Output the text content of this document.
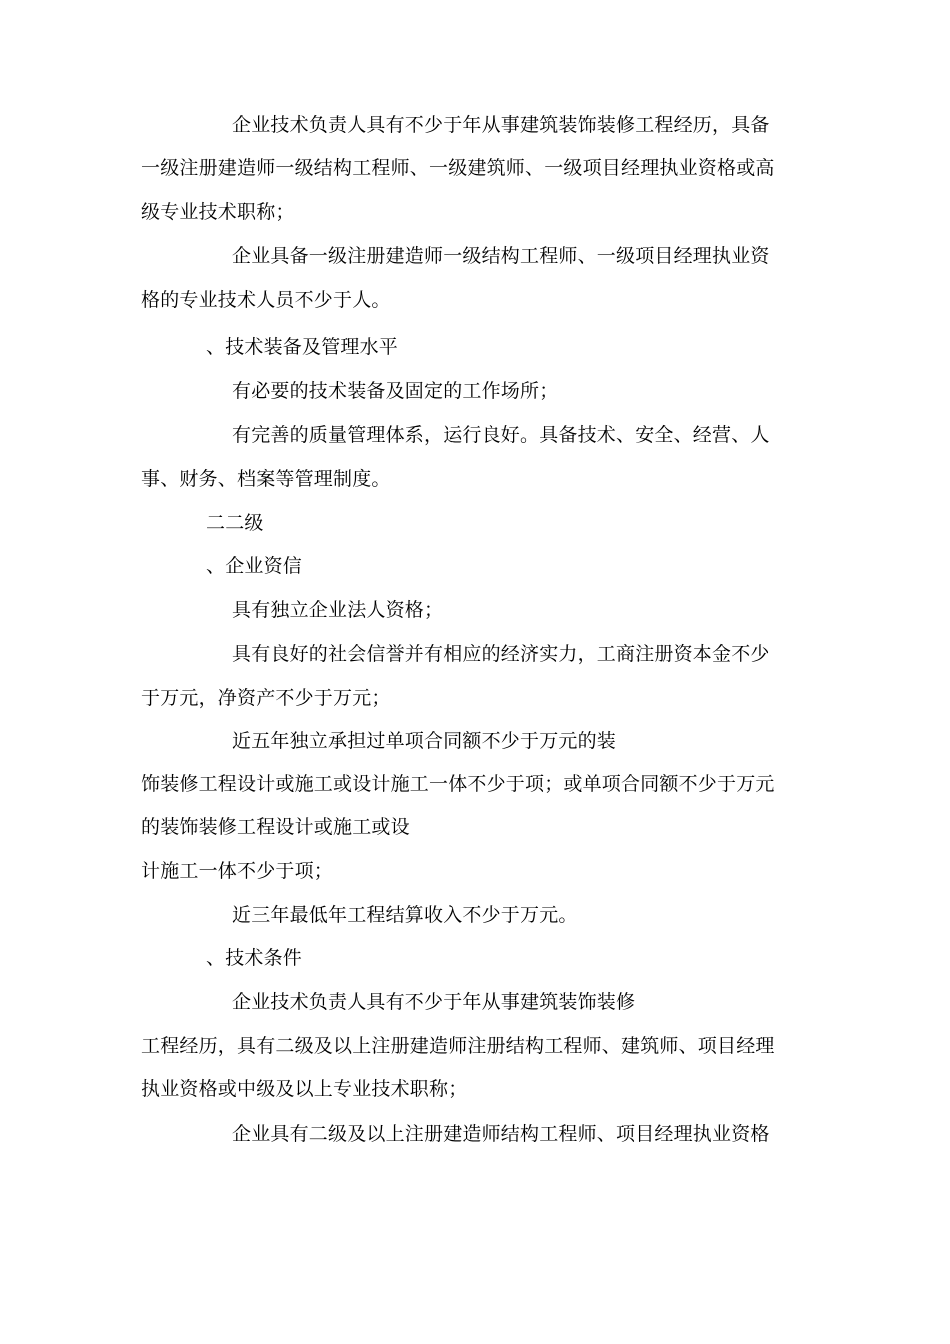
企业技术负责人具有不少于年从事建筑装饰装修工程经历，具备
一级注册建造师一级结构工程师、一级建筑师、一级项目经理执业资格或高
级专业技术职称；
企业具备一级注册建造师一级结构工程师、一级项目经理执业资
格的专业技术人员不少于人。
、技术装备及管理水平
有必要的技术装备及固定的工作场所；
有完善的质量管理体系，运行良好。具备技术、安全、经营、人
事、财务、档案等管理制度。
二二级
、企业资信
具有独立企业法人资格；
具有良好的社会信誉并有相应的经济实力，工商注册资本金不少
于万元，净资产不少于万元；
近五年独立承担过单项合同额不少于万元的装
饰装修工程设计或施工或设计施工一体不少于项；或单项合同额不少于万元
的装饰装修工程设计或施工或设
计施工一体不少于项；
近三年最低年工程结算收入不少于万元。
、技术条件
企业技术负责人具有不少于年从事建筑装饰装修
工程经历，具有二级及以上注册建造师注册结构工程师、建筑师、项目经理
执业资格或中级及以上专业技术职称；
企业具有二级及以上注册建造师结构工程师、项目经理执业资格
